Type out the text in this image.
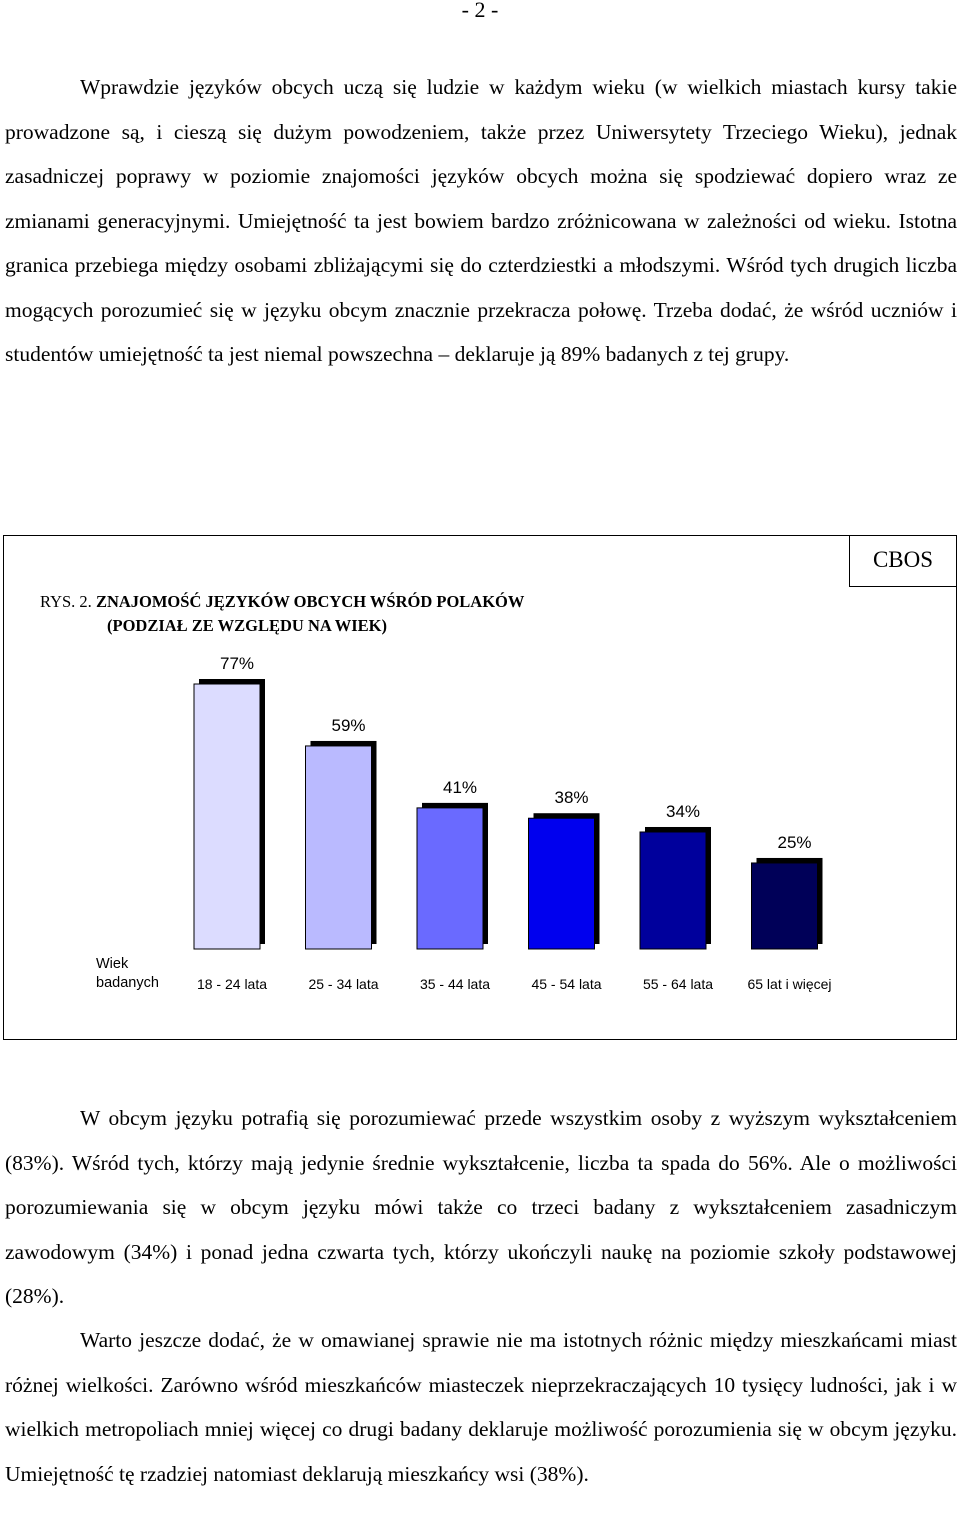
- 2 -

Wprawdzie języków obcych uczą się ludzie w każdym wieku (w wielkich miastach kursy takie prowadzone są, i cieszą się dużym powodzeniem, także przez Uniwersytety Trzeciego Wieku), jednak zasadniczej poprawy w poziomie znajomości języków obcych można się spodziewać dopiero wraz ze zmianami generacyjnymi. Umiejętność ta jest bowiem bardzo zróżnicowana w zależności od wieku. Istotna granica przebiega między osobami zbliżającymi się do czterdziestki a młodszymi. Wśród tych drugich liczba mogących porozumieć się w języku obcym znacznie przekracza połowę. Trzeba dodać, że wśród uczniów i studentów umiejętność ta jest niemal powszechna – deklaruje ją 89% badanych z tej grupy.

CBOS
RYS. 2. ZNAJOMOŚĆ JĘZYKÓW OBCYCH WŚRÓD POLAKÓW
(PODZIAŁ ZE WZGLĘDU NA WIEK)
Wiek
badanych
77%
18 - 24 lata
59%
25 - 34 lata
41%
35 - 44 lata
38%
45 - 54 lata
34%
55 - 64 lata
25%
65 lat i więcej

W obcym języku potrafią się porozumiewać przede wszystkim osoby z wyższym wykształceniem (83%). Wśród tych, którzy mają jedynie średnie wykształcenie, liczba ta spada do 56%. Ale o możliwości porozumiewania się w obcym języku mówi także co trzeci badany z wykształceniem zasadniczym zawodowym (34%) i ponad jedna czwarta tych, którzy ukończyli naukę na poziomie szkoły podstawowej (28%).

Warto jeszcze dodać, że w omawianej sprawie nie ma istotnych różnic między mieszkańcami miast różnej wielkości. Zarówno wśród mieszkańców miasteczek nieprzekraczających 10 tysięcy ludności, jak i w wielkich metropoliach mniej więcej co drugi badany deklaruje możliwość porozumienia się w obcym języku. Umiejętność tę rzadziej natomiast deklarują mieszkańcy wsi (38%).
